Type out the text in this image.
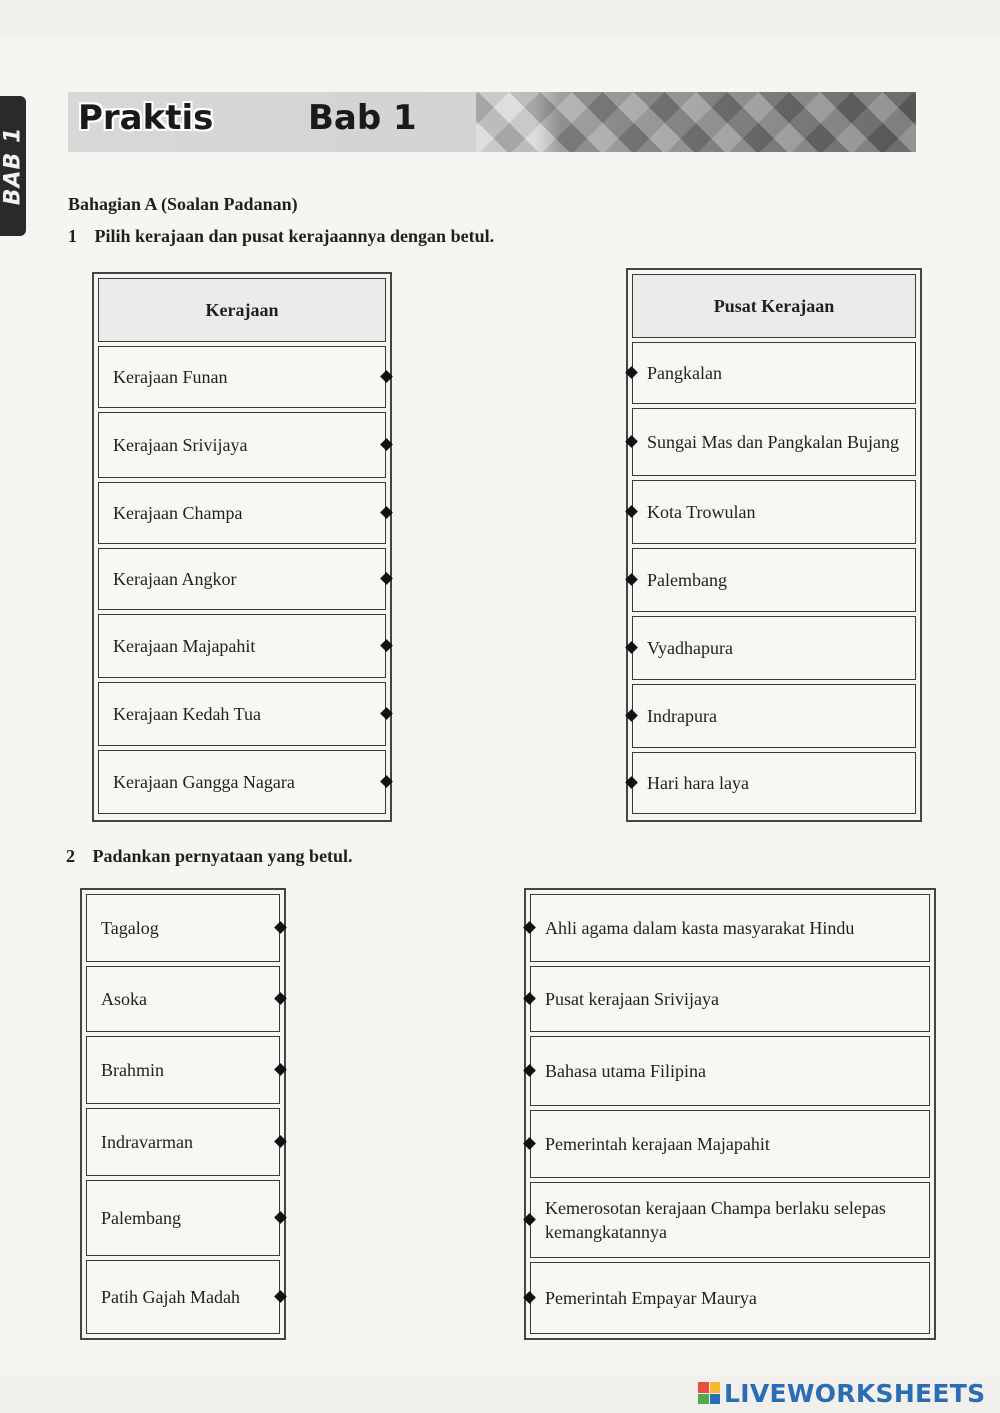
BAB 1
Praktis	Bab 1
Bahagian A (Soalan Padanan)
1 Pilih kerajaan dan pusat kerajaannya dengan betul.
Kerajaan
Kerajaan Funan
Kerajaan Srivijaya
Kerajaan Champa
Kerajaan Angkor
Kerajaan Majapahit
Kerajaan Kedah Tua
Kerajaan Gangga Nagara
Pusat Kerajaan
Pangkalan
Sungai Mas dan Pangkalan Bujang
Kota Trowulan
Palembang
Vyadhapura
Indrapura
Hari hara laya
2 Padankan pernyataan yang betul.
Tagalog
Asoka
Brahmin
Indravarman
Palembang
Patih Gajah Madah
Ahli agama dalam kasta masyarakat Hindu
Pusat kerajaan Srivijaya
Bahasa utama Filipina
Pemerintah kerajaan Majapahit
Kemerosotan kerajaan Champa berlaku selepas kemangkatannya
Pemerintah Empayar Maurya
LIVEWORKSHEETS
